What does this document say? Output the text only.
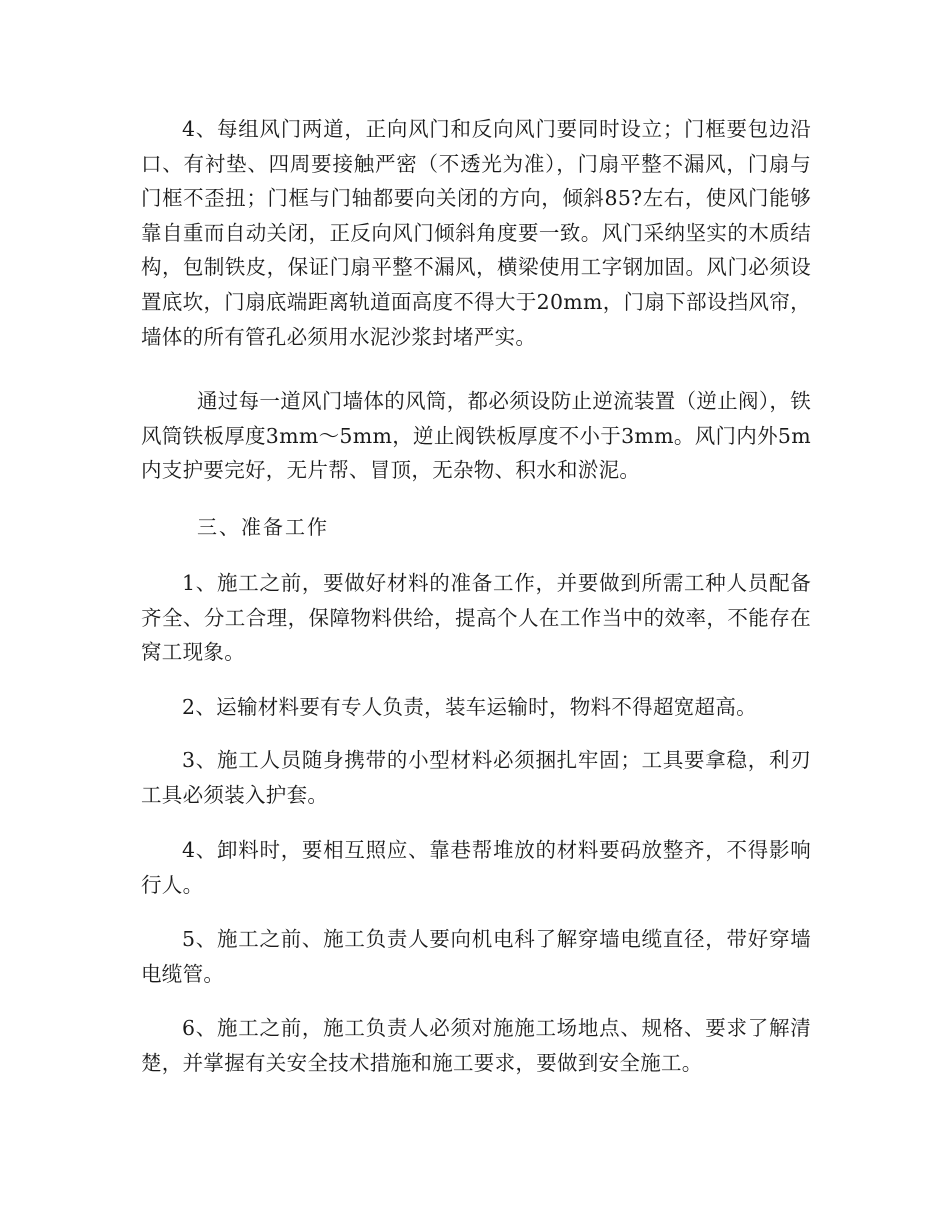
4、每组风门两道，正向风门和反向风门要同时设立；门框要包边沿口、有衬垫、四周要接触严密（不透光为准），门扇平整不漏风，门扇与门框不歪扭；门框与门轴都要向关闭的方向，倾斜85?左右，使风门能够靠自重而自动关闭，正反向风门倾斜角度要一致。风门采纳坚实的木质结构，包制铁皮，保证门扇平整不漏风，横梁使用工字钢加固。风门必须设置底坎，门扇底端距离轨道面高度不得大于20mm，门扇下部设挡风帘，墙体的所有管孔必须用水泥沙浆封堵严实。

通过每一道风门墙体的风筒，都必须设防止逆流装置（逆止阀），铁风筒铁板厚度3mm～5mm，逆止阀铁板厚度不小于3mm。风门内外5m内支护要完好，无片帮、冒顶，无杂物、积水和淤泥。

三、准备工作

1、施工之前，要做好材料的准备工作，并要做到所需工种人员配备齐全、分工合理，保障物料供给，提高个人在工作当中的效率，不能存在窝工现象。

2、运输材料要有专人负责，装车运输时，物料不得超宽超高。

3、施工人员随身携带的小型材料必须捆扎牢固；工具要拿稳，利刃工具必须装入护套。

4、卸料时，要相互照应、靠巷帮堆放的材料要码放整齐，不得影响行人。

5、施工之前、施工负责人要向机电科了解穿墙电缆直径，带好穿墙电缆管。

6、施工之前，施工负责人必须对施施工场地点、规格、要求了解清楚，并掌握有关安全技术措施和施工要求，要做到安全施工。
